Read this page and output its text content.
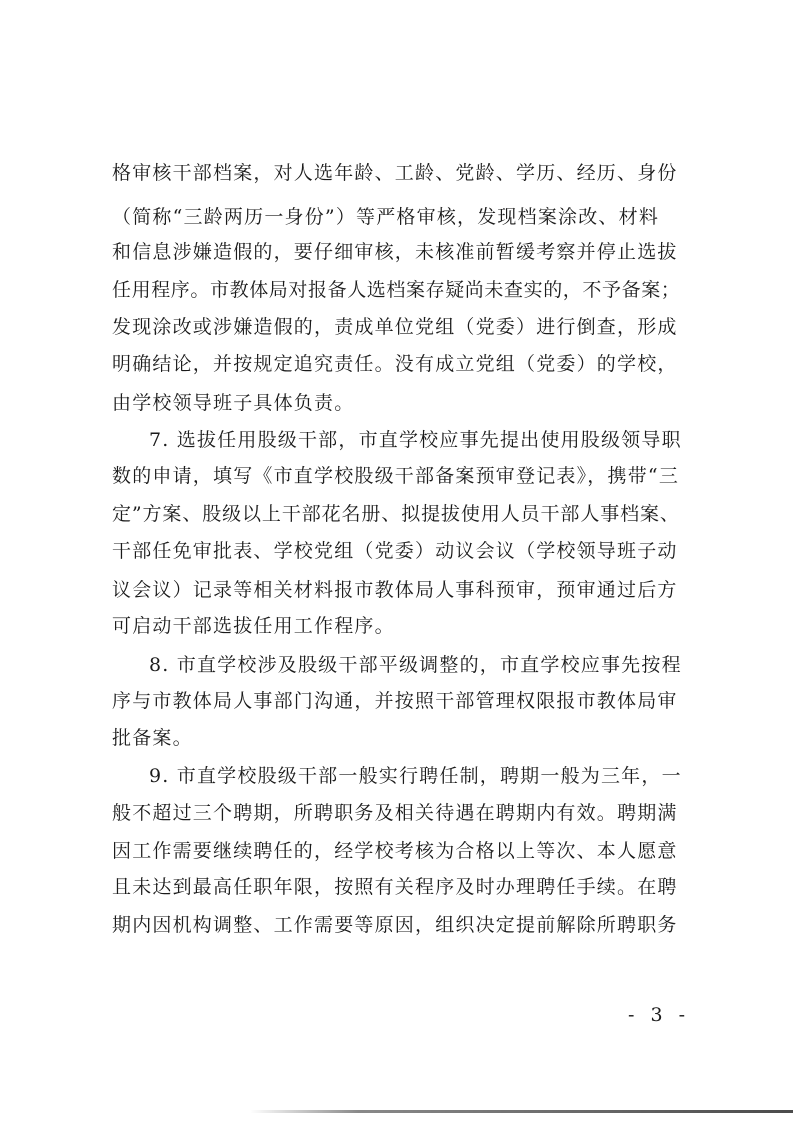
格审核干部档案，对人选年龄、工龄、党龄、学历、经历、身份
（简称“三龄两历一身份”）等严格审核，发现档案涂改、材料
和信息涉嫌造假的，要仔细审核，未核准前暂缓考察并停止选拔
任用程序。市教体局对报备人选档案存疑尚未查实的，不予备案；
发现涂改或涉嫌造假的，责成单位党组（党委）进行倒查，形成
明确结论，并按规定追究责任。没有成立党组（党委）的学校，
由学校领导班子具体负责。
7. 选拔任用股级干部，市直学校应事先提出使用股级领导职
数的申请，填写《市直学校股级干部备案预审登记表》，携带“三
定”方案、股级以上干部花名册、拟提拔使用人员干部人事档案、
干部任免审批表、学校党组（党委）动议会议（学校领导班子动
议会议）记录等相关材料报市教体局人事科预审，预审通过后方
可启动干部选拔任用工作程序。
8. 市直学校涉及股级干部平级调整的，市直学校应事先按程
序与市教体局人事部门沟通，并按照干部管理权限报市教体局审
批备案。
9. 市直学校股级干部一般实行聘任制，聘期一般为三年，一
般不超过三个聘期，所聘职务及相关待遇在聘期内有效。聘期满
因工作需要继续聘任的，经学校考核为合格以上等次、本人愿意
且未达到最高任职年限，按照有关程序及时办理聘任手续。在聘
期内因机构调整、工作需要等原因，组织决定提前解除所聘职务
- 3 -
